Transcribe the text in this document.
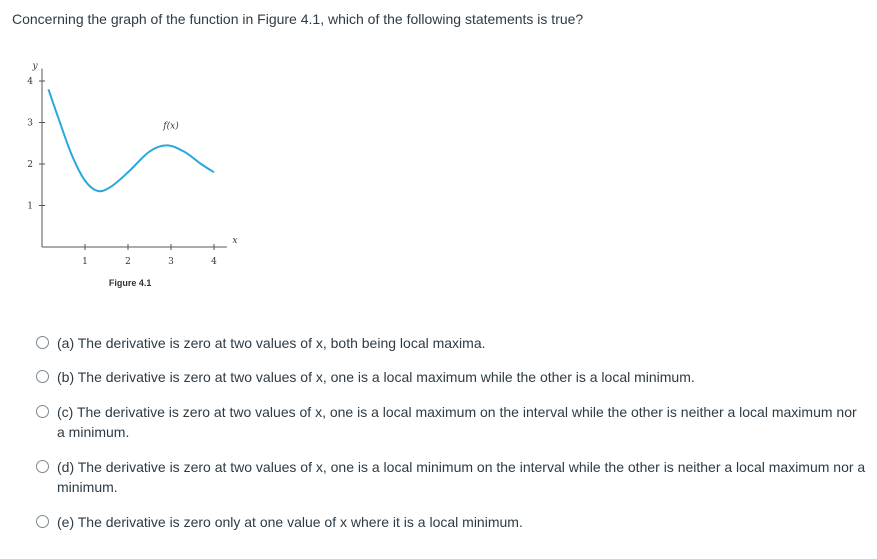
Concerning the graph of the function in Figure 4.1, which of the following statements is true?
1	2	3	4
1
2
3
4
y
x
f(x)
Figure 4.1
(a) The derivative is zero at two values of x, both being local maxima.
(b) The derivative is zero at two values of x, one is a local maximum while the other is a local minimum.
(c) The derivative is zero at two values of x, one is a local maximum on the interval while the other is neither a local maximum nor a minimum.
(d) The derivative is zero at two values of x, one is a local minimum on the interval while the other is neither a local maximum nor a minimum.
(e) The derivative is zero only at one value of x where it is a local minimum.
